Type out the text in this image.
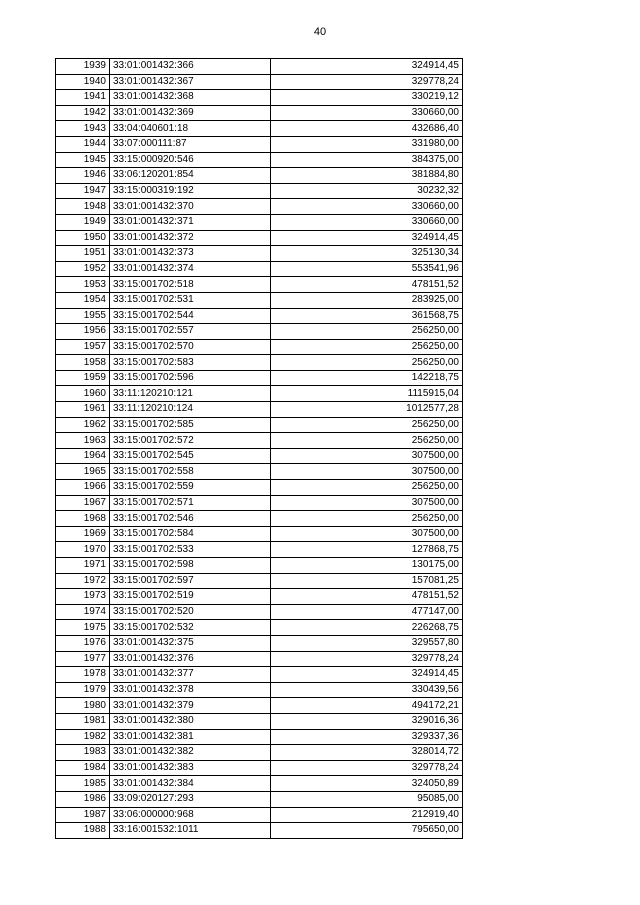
40
1939	33:01:001432:366	324914,45
1940	33:01:001432:367	329778,24
1941	33:01:001432:368	330219,12
1942	33:01:001432:369	330660,00
1943	33:04:040601:18	432686,40
1944	33:07:000111:87	331980,00
1945	33:15:000920:546	384375,00
1946	33:06:120201:854	381884,80
1947	33:15:000319:192	30232,32
1948	33:01:001432:370	330660,00
1949	33:01:001432:371	330660,00
1950	33:01:001432:372	324914,45
1951	33:01:001432:373	325130,34
1952	33:01:001432:374	553541,96
1953	33:15:001702:518	478151,52
1954	33:15:001702:531	283925,00
1955	33:15:001702:544	361568,75
1956	33:15:001702:557	256250,00
1957	33:15:001702:570	256250,00
1958	33:15:001702:583	256250,00
1959	33:15:001702:596	142218,75
1960	33:11:120210:121	1115915,04
1961	33:11:120210:124	1012577,28
1962	33:15:001702:585	256250,00
1963	33:15:001702:572	256250,00
1964	33:15:001702:545	307500,00
1965	33:15:001702:558	307500,00
1966	33:15:001702:559	256250,00
1967	33:15:001702:571	307500,00
1968	33:15:001702:546	256250,00
1969	33:15:001702:584	307500,00
1970	33:15:001702:533	127868,75
1971	33:15:001702:598	130175,00
1972	33:15:001702:597	157081,25
1973	33:15:001702:519	478151,52
1974	33:15:001702:520	477147,00
1975	33:15:001702:532	226268,75
1976	33:01:001432:375	329557,80
1977	33:01:001432:376	329778,24
1978	33:01:001432:377	324914,45
1979	33:01:001432:378	330439,56
1980	33:01:001432:379	494172,21
1981	33:01:001432:380	329016,36
1982	33:01:001432:381	329337,36
1983	33:01:001432:382	328014,72
1984	33:01:001432:383	329778,24
1985	33:01:001432:384	324050,89
1986	33:09:020127:293	95085,00
1987	33:06:000000:968	212919,40
1988	33:16:001532:1011	795650,00
